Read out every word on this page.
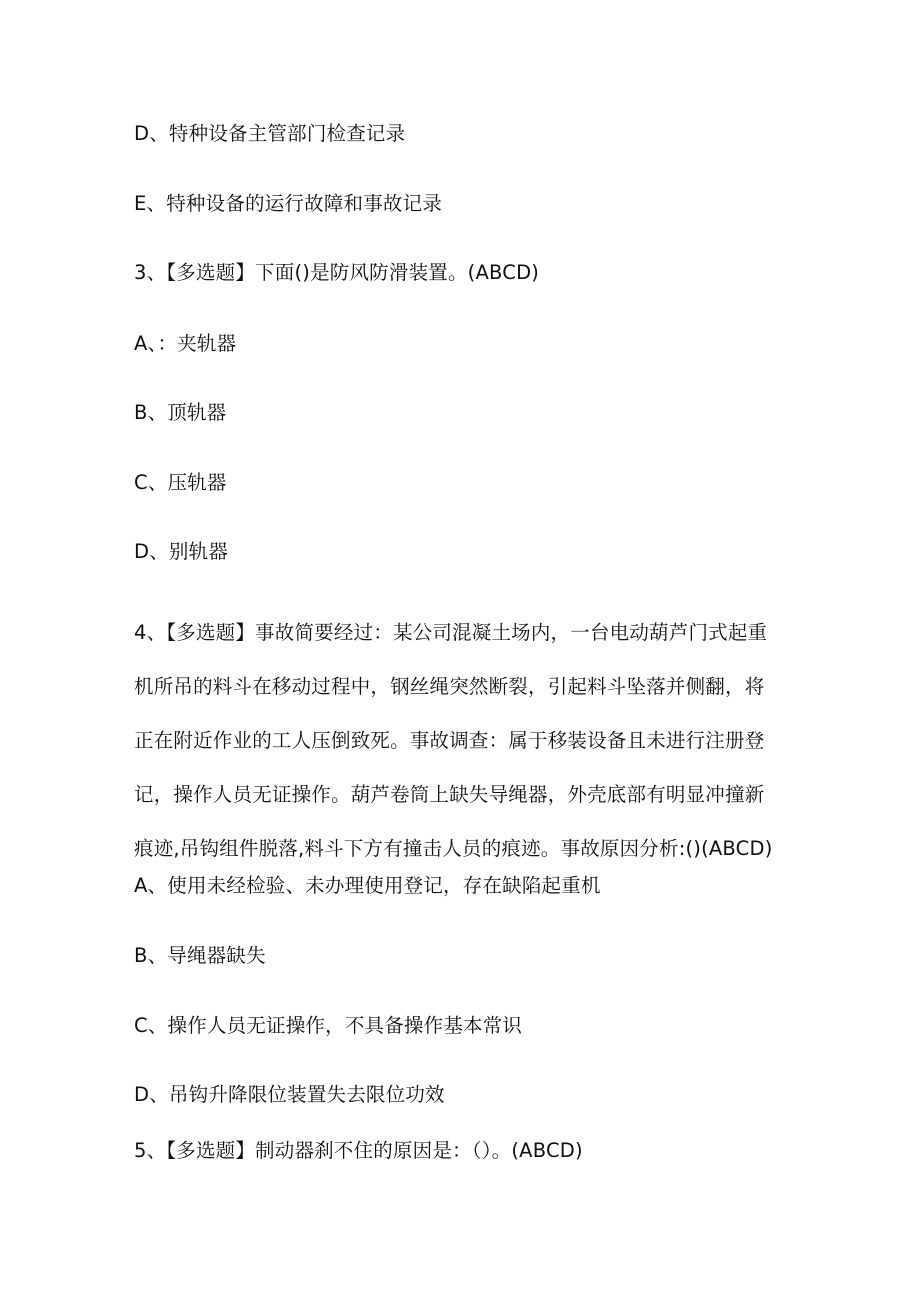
D、特种设备主管部门检查记录
E、特种设备的运行故障和事故记录
3、【多选题】下面()是防风防滑装置。(ABCD)
A、：夹轨器
B、顶轨器
C、压轨器
D、别轨器
4、【多选题】事故简要经过：某公司混凝土场内，一台电动葫芦门式起重
机所吊的料斗在移动过程中，钢丝绳突然断裂，引起料斗坠落并侧翻，将
正在附近作业的工人压倒致死。事故调查：属于移装设备且未进行注册登
记，操作人员无证操作。葫芦卷筒上缺失导绳器，外壳底部有明显冲撞新
痕迹,吊钩组件脱落,料斗下方有撞击人员的痕迹。事故原因分析:()(ABCD)
A、使用未经检验、未办理使用登记，存在缺陷起重机
B、导绳器缺失
C、操作人员无证操作，不具备操作基本常识
D、吊钩升降限位装置失去限位功效
5、【多选题】制动器刹不住的原因是：（）。(ABCD)
